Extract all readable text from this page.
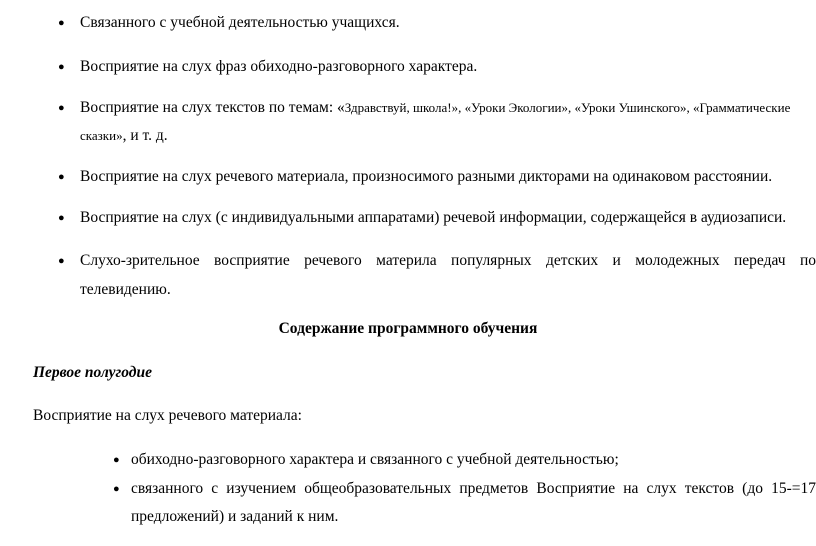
● Связанного с учебной деятельностью учащихся.
● Восприятие на слух фраз обиходно-разговорного характера.
● Восприятие на слух текстов по темам: «Здравствуй, школа!», «Уроки Экологии», «Уроки Ушинского», «Грамматические
сказки», и т. д.
● Восприятие на слух речевого материала, произносимого разными дикторами на одинаковом расстоянии.
● Восприятие на слух (с индивидуальными аппаратами) речевой информации, содержащейся в аудиозаписи.
● Слухо-зрительное восприятие речевого материла популярных детских и молодежных передач по
телевидению.
Содержание программного обучения
Первое полугодие
Восприятие на слух речевого материала:
● обиходно-разговорного характера и связанного с учебной деятельностью;
● связанного с изучением общеобразовательных предметов Восприятие на слух текстов (до 15-=17
предложений) и заданий к ним.
